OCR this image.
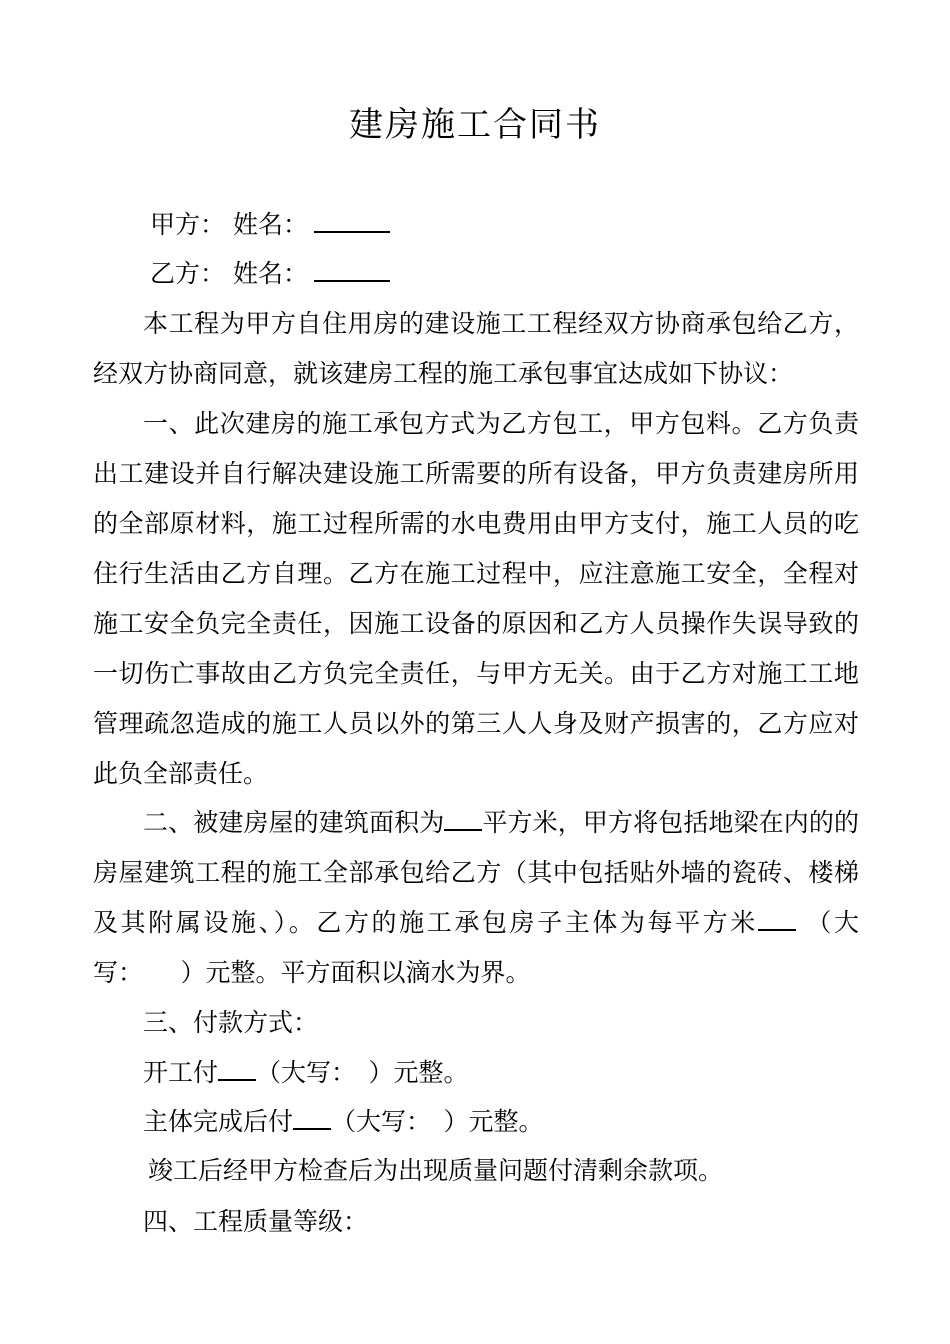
建房施工合同书
甲方： 姓名：
乙方： 姓名：
本工程为甲方自住用房的建设施工工程经双方协商承包给乙方，经双方协商同意，就该建房工程的施工承包事宜达成如下协议：
一、此次建房的施工承包方式为乙方包工，甲方包料。乙方负责出工建设并自行解决建设施工所需要的所有设备，甲方负责建房所用的全部原材料，施工过程所需的水电费用由甲方支付，施工人员的吃住行生活由乙方自理。乙方在施工过程中，应注意施工安全，全程对施工安全负完全责任，因施工设备的原因和乙方人员操作失误导致的一切伤亡事故由乙方负完全责任，与甲方无关。由于乙方对施工工地管理疏忽造成的施工人员以外的第三人人身及财产损害的，乙方应对此负全部责任。
二、被建房屋的建筑面积为 平方米，甲方将包括地梁在内的的房屋建筑工程的施工全部承包给乙方（其中包括贴外墙的瓷砖、楼梯及其附属设施、）。乙方的施工承包房子主体为每平方米 （大写：　　）元整。平方面积以滴水为界。
三、付款方式：
开工付 （大写：　）元整。
主体完成后付 （大写：　）元整。
竣工后经甲方检查后为出现质量问题付清剩余款项。
四、工程质量等级：
